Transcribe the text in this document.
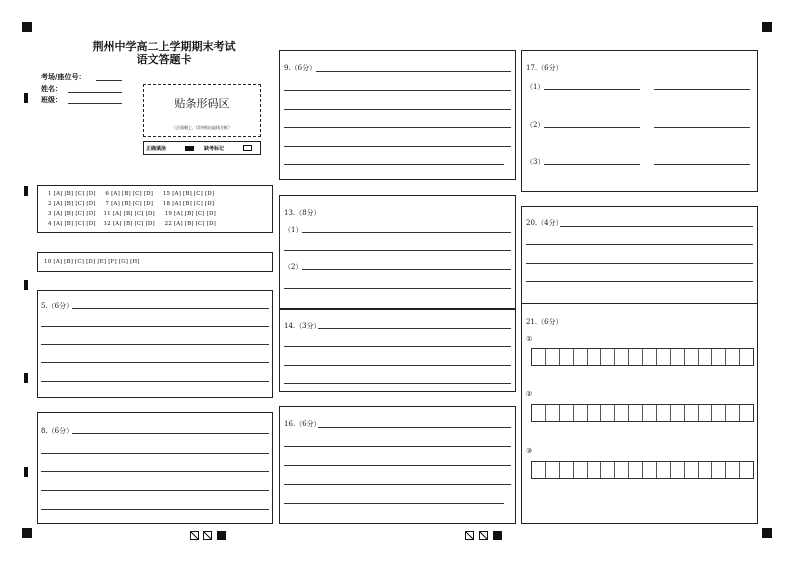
荆州中学高二上学期期末考试
语文答题卡
考场/座位号：
姓名：
班级：	贴条形码区
（正面朝上，切勿贴出虚线方框）
正确填涂	缺考标记
1 [A] [B] [C] [D]     6 [A] [B] [C] [D]     15 [A] [B] [C] [D]
2 [A] [B] [C] [D]     7 [A] [B] [C] [D]     18 [A] [B] [C] [D]
3 [A] [B] [C] [D]    11 [A] [B] [C] [D]     19 [A] [B] [C] [D]
4 [A] [B] [C] [D]    12 [A] [B] [C] [D]     22 [A] [B] [C] [D]
10 [A] [B] [C] [D] [E] [F] [G] [H]
5.（6分）
8.（6分）
9.（6分）
13.（8分）
（1）
（2）
14.（3分）
16.（6分）
17.（6分）
（1）
（2）
（3）
20.（4分）
21.（6分）
①
②
③
